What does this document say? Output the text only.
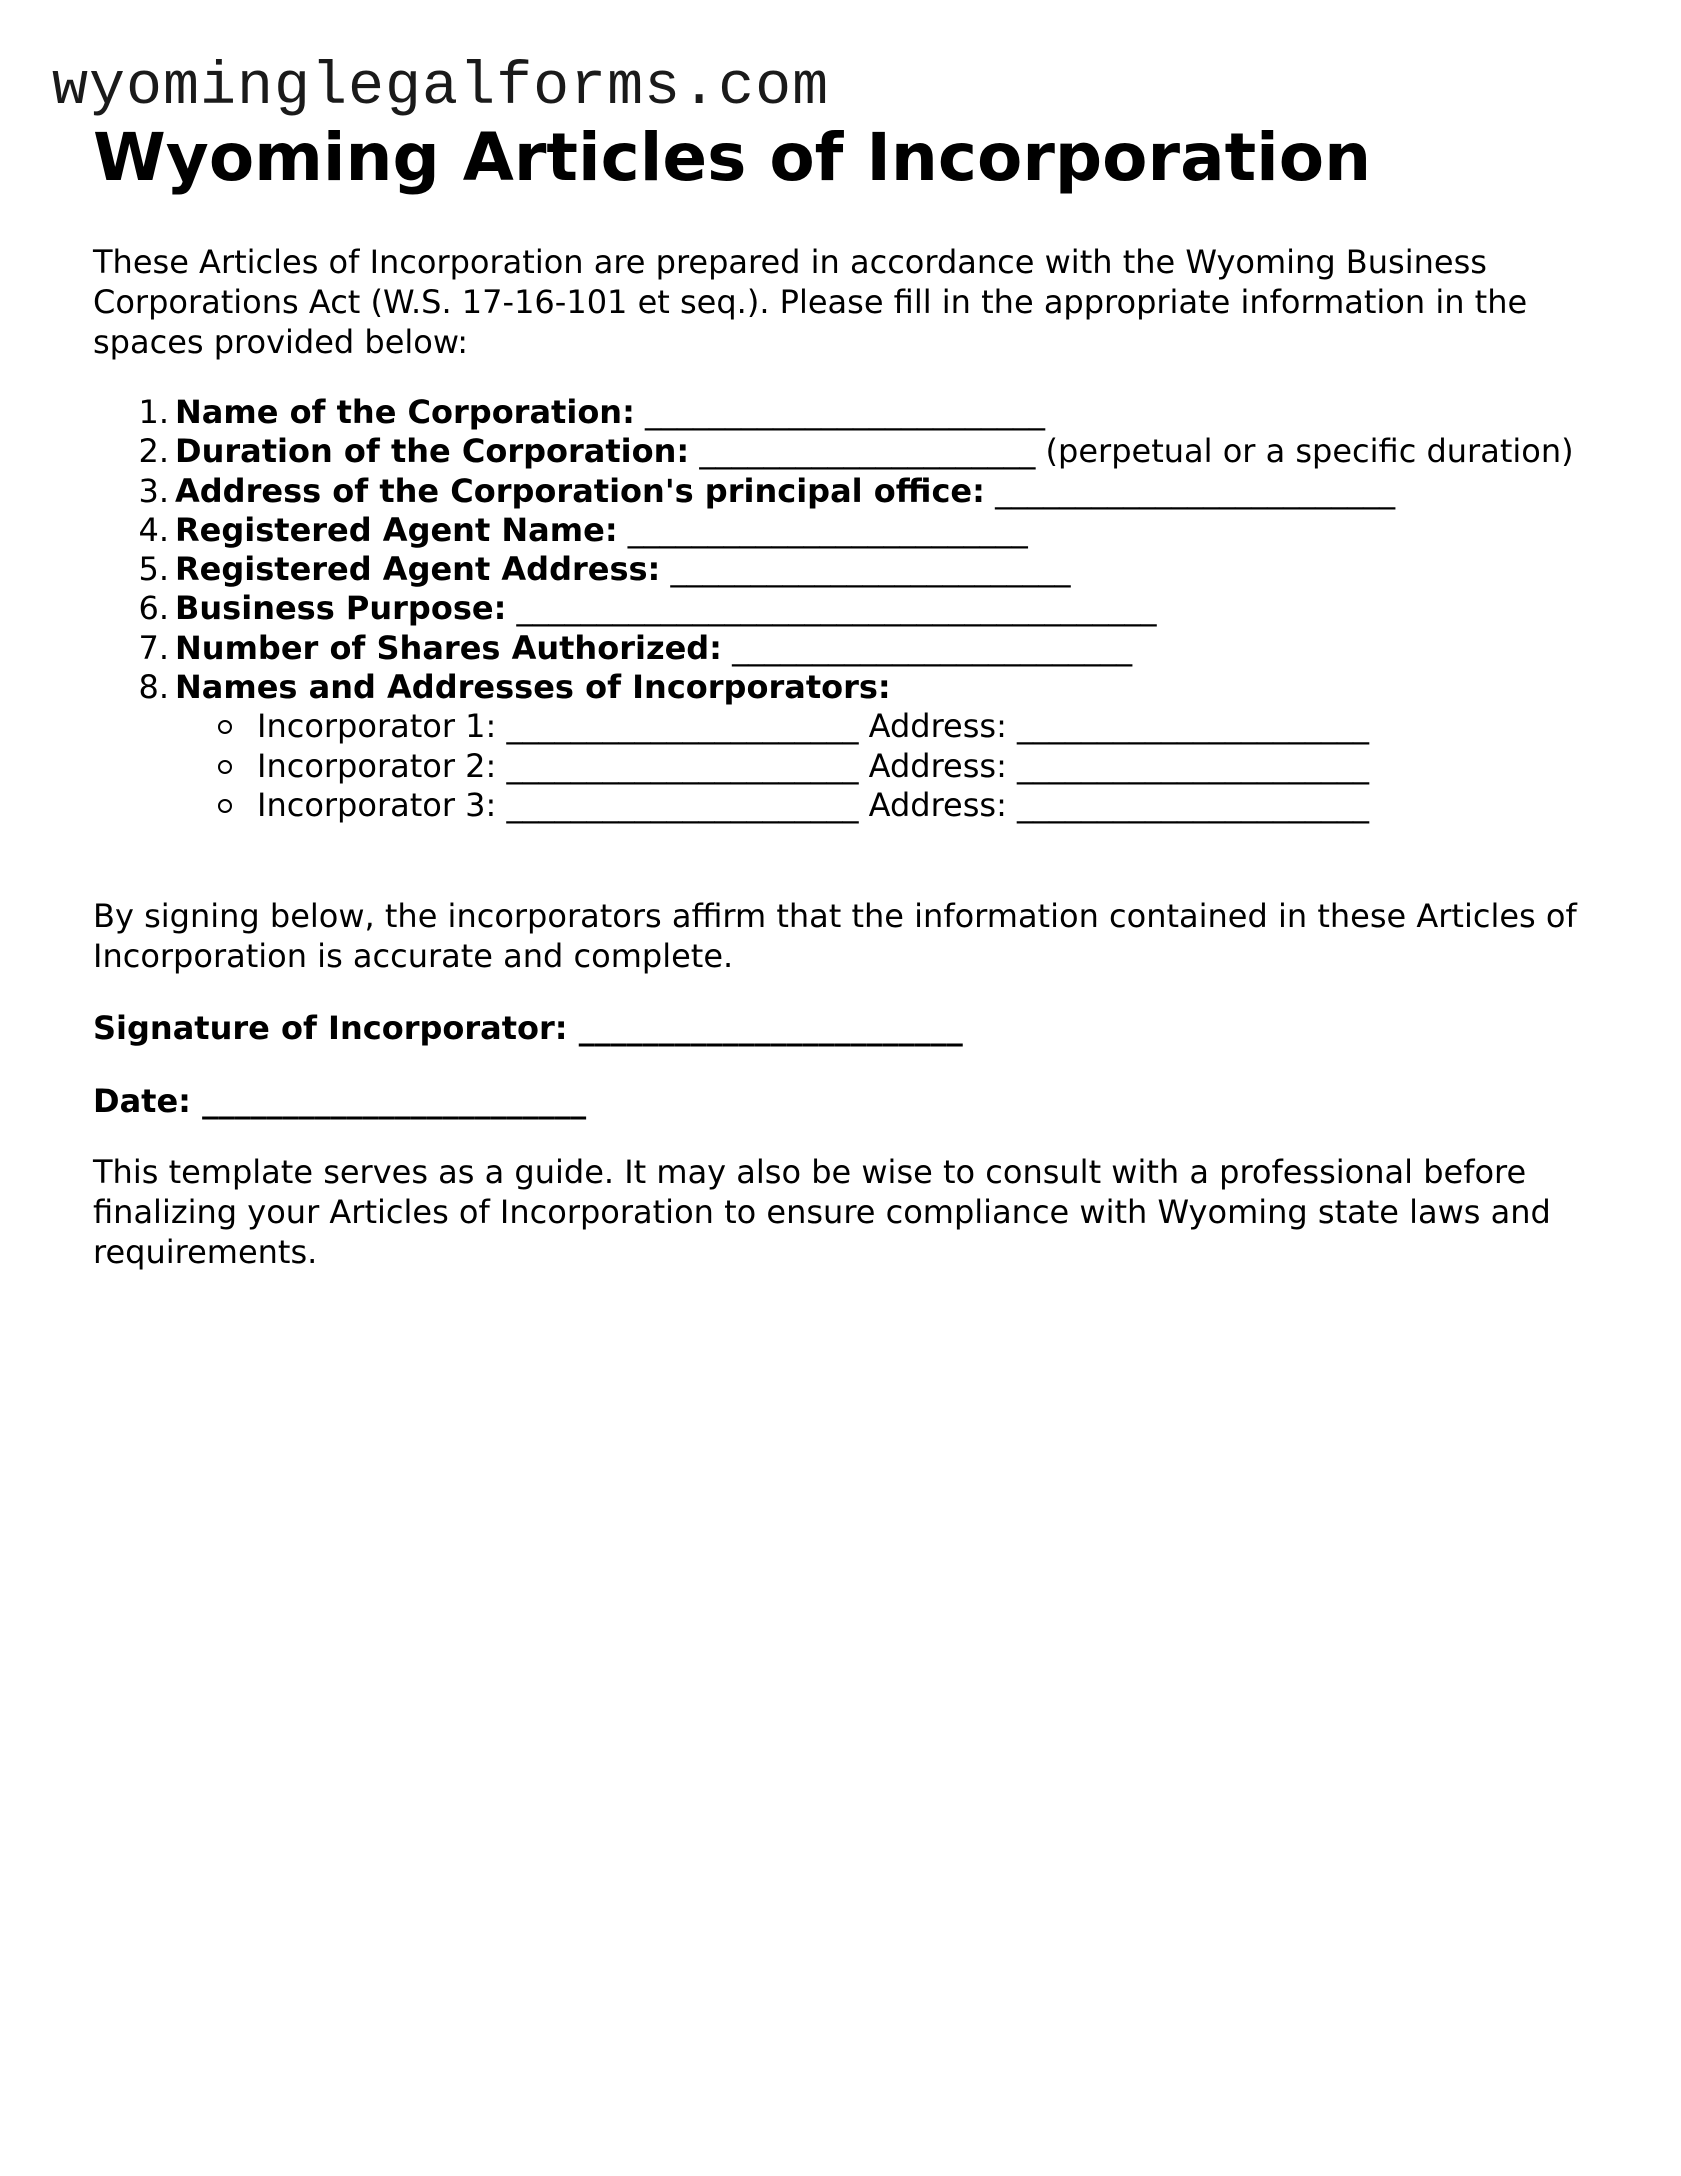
wyominglegalforms.com
Wyoming Articles of Incorporation

These Articles of Incorporation are prepared in accordance with the Wyoming Business Corporations Act (W.S. 17-16-101 et seq.). Please fill in the appropriate information in the spaces provided below:

1. Name of the Corporation: _________________________
2. Duration of the Corporation: _____________________ (perpetual or a specific duration)
3. Address of the Corporation's principal office: _________________________
4. Registered Agent Name: _________________________
5. Registered Agent Address: _________________________
6. Business Purpose: ________________________________________
7. Number of Shares Authorized: _________________________
8. Names and Addresses of Incorporators:
Incorporator 1: ______________________ Address: ______________________
Incorporator 2: ______________________ Address: ______________________
Incorporator 3: ______________________ Address: ______________________

By signing below, the incorporators affirm that the information contained in these Articles of Incorporation is accurate and complete.

Signature of Incorporator: ________________________

Date: ________________________

This template serves as a guide. It may also be wise to consult with a professional before finalizing your Articles of Incorporation to ensure compliance with Wyoming state laws and requirements.
